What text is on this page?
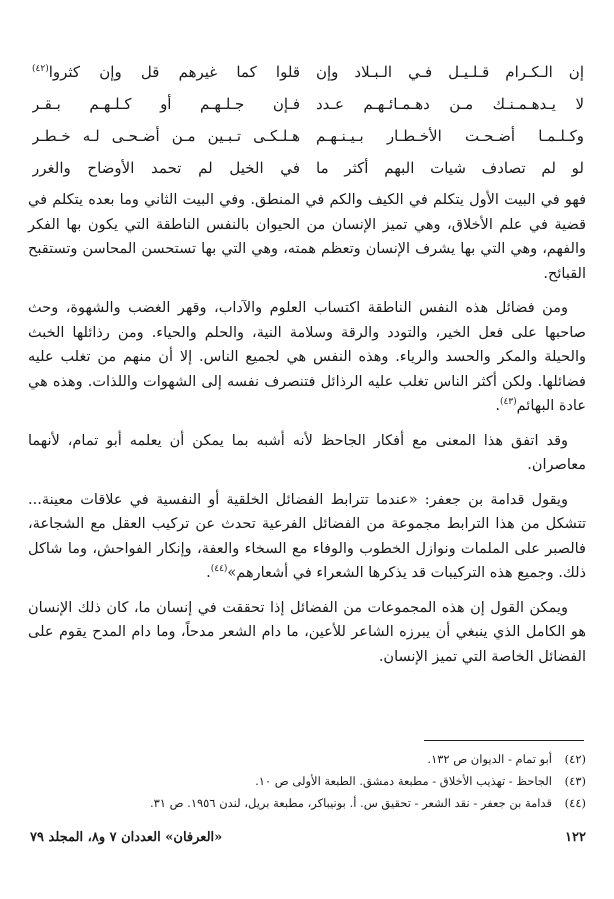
إن الـكـرام قـلـيـل فـي الـبـلاد وإن
قلوا كما غيرهم قل وإن كثروا$^{(٤٢)}$
لا يـدهـمـنـك مـن دهـمـائـهـم عـدد
فـإن جـلـهـم أو كـلـهـم بـقـر
وكـلـمـا أضـحـت الأخـطـار بـيـنـهـم
هـلـكـى تـبـين مـن أضـحـى لـه خـطـر
لو لم تصادف شيات البهم أكثر ما
في الخيل لم تحمد الأوضاح والغرر

فهو في البيت الأول يتكلم في الكيف والكم في المنطق. وفي البيت الثاني وما بعده يتكلم في قضية في علم الأخلاق، وهي تميز الإنسان من الحيوان بالنفس الناطقة التي يكون بها الفكر والفهم، وهي التي بها يشرف الإنسان وتعظم همته، وهي التي بها تستحسن المحاسن وتستقبح القبائح.

ومن فضائل هذه النفس الناطقة اكتساب العلوم والآداب، وقهر الغضب والشهوة، وحث صاحبها على فعل الخير، والتودد والرقة وسلامة النية، والحلم والحياء. ومن رذائلها الخبث والحيلة والمكر والحسد والرياء. وهذه النفس هي لجميع الناس. إلا أن منهم من تغلب عليه فضائلها. ولكن أكثر الناس تغلب عليه الرذائل فتنصرف نفسه إلى الشهوات واللذات. وهذه هي عادة البهائم$^{(٤٣)}$.

وقد اتفق هذا المعنى مع أفكار الجاحظ لأنه أشبه بما يمكن أن يعلمه أبو تمام، لأنهما معاصران.

ويقول قدامة بن جعفر: «عندما تترابط الفضائل الخلقية أو النفسية في علاقات معينة... تتشكل من هذا الترابط مجموعة من الفضائل الفرعية تحدث عن تركيب العقل مع الشجاعة، فالصبر على الملمات ونوازل الخطوب والوفاء مع السخاء والعفة، وإنكار الفواحش، وما شاكل ذلك. وجميع هذه التركيبات قد يذكرها الشعراء في أشعارهم»$^{(٤٤)}$.

ويمكن القول إن هذه المجموعات من الفضائل إذا تحققت في إنسان ما، كان ذلك الإنسان هو الكامل الذي ينبغي أن يبرزه الشاعر للأعين، ما دام الشعر مدحاً، وما دام المدح يقوم على الفضائل الخاصة التي تميز الإنسان.

(٤٢)
أبو تمام - الديوان ص ١٣٢.
(٤٣)
الجاحظ - تهذيب الأخلاق - مطبعة دمشق. الطبعة الأولى ص ١٠.
(٤٤)
قدامة بن جعفر - نقد الشعر - تحقيق س. أ. بونيباكر، مطبعة بريل، لندن ١٩٥٦. ص ٣١.
١٢٢
«العرفان» العددان ٧ و٨، المجلد ٧٩
